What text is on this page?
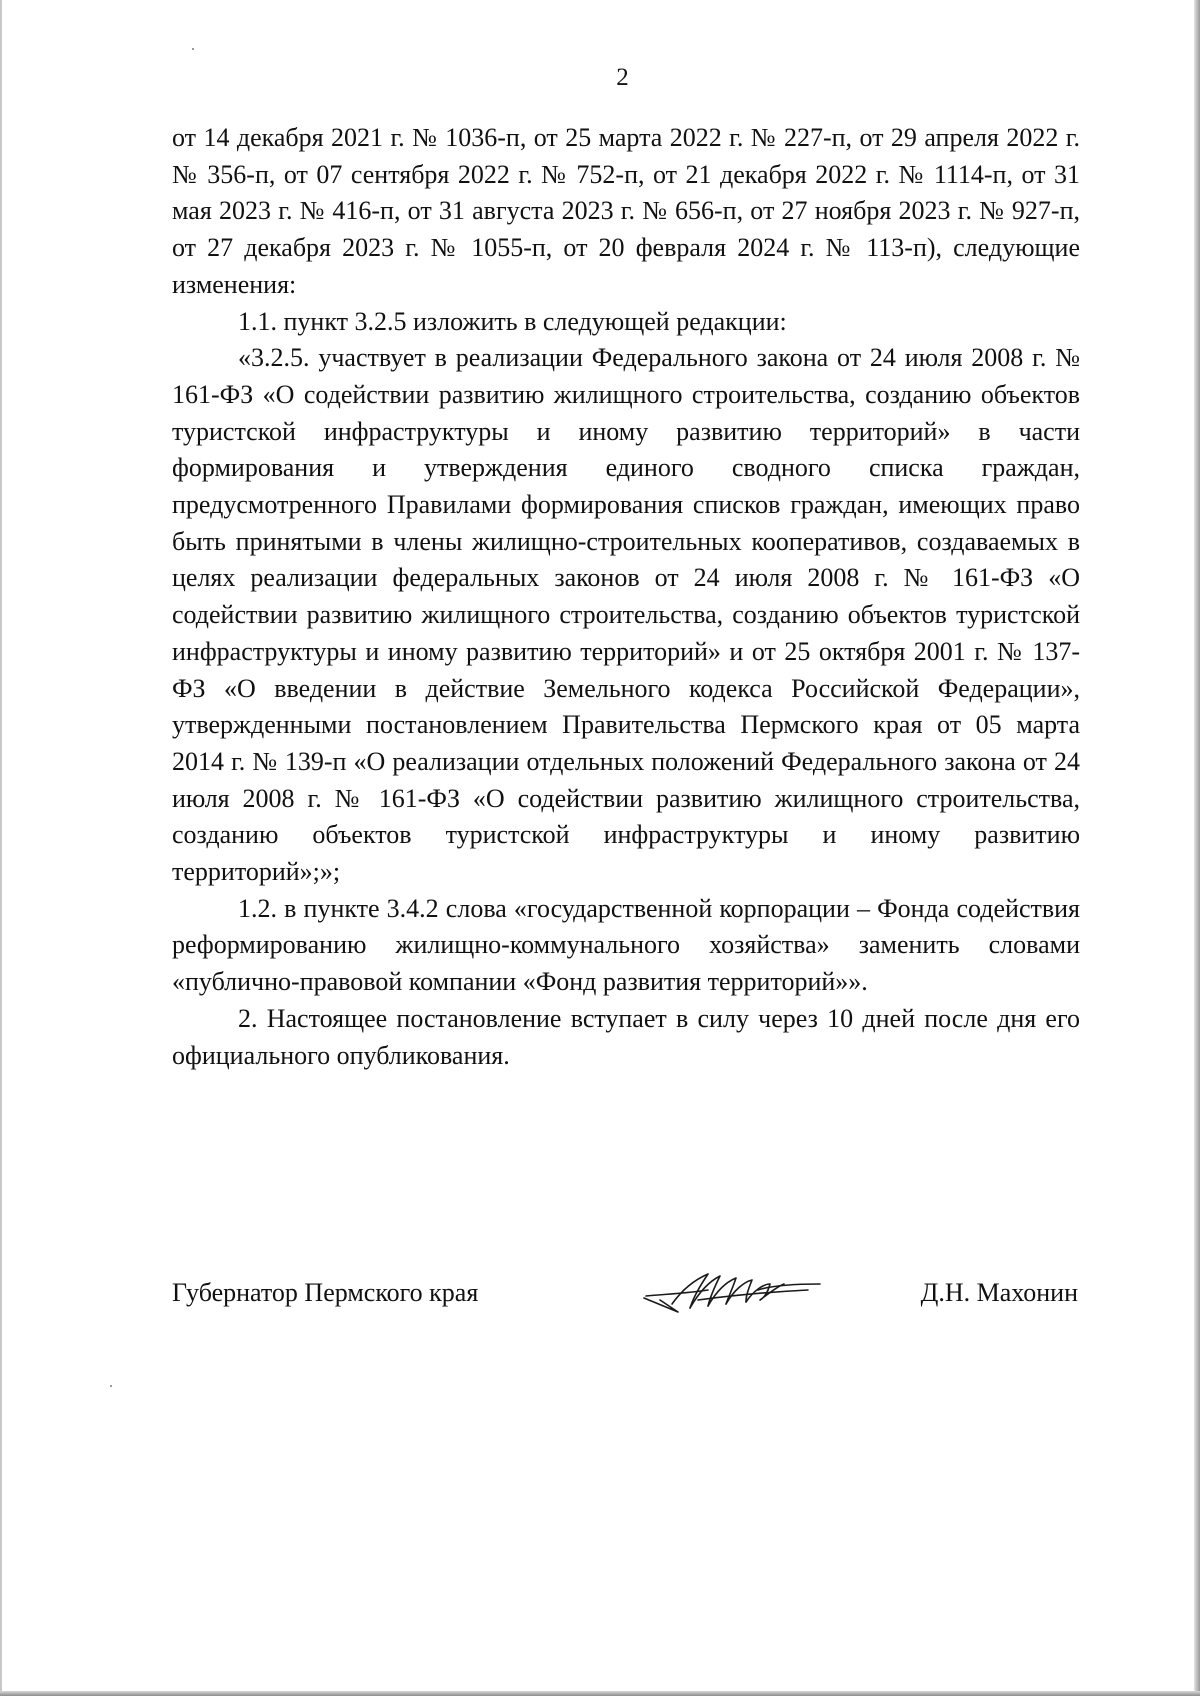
2

от 14 декабря 2021 г. № 1036-п, от 25 марта 2022 г. № 227-п, от 29 апреля 2022 г. № 356-п, от 07 сентября 2022 г. № 752-п, от 21 декабря 2022 г. № 1114-п, от 31 мая 2023 г. № 416-п, от 31 августа 2023 г. № 656-п, от 27 ноября 2023 г. № 927-п, от 27 декабря 2023 г. № 1055-п, от 20 февраля 2024 г. № 113-п), следующие изменения:

1.1. пункт 3.2.5 изложить в следующей редакции:

«3.2.5. участвует в реализации Федерального закона от 24 июля 2008 г. № 161-ФЗ «О содействии развитию жилищного строительства, созданию объектов туристской инфраструктуры и иному развитию территорий» в части формирования и утверждения единого сводного списка граждан, предусмотренного Правилами формирования списков граждан, имеющих право быть принятыми в члены жилищно-строительных кооперативов, создаваемых в целях реализации федеральных законов от 24 июля 2008 г. № 161-ФЗ «О содействии развитию жилищного строительства, созданию объектов туристской инфраструктуры и иному развитию территорий» и от 25 октября 2001 г. № 137-ФЗ «О введении в действие Земельного кодекса Российской Федерации», утвержденными постановлением Правительства Пермского края от 05 марта 2014 г. № 139-п «О реализации отдельных положений Федерального закона от 24 июля 2008 г. № 161-ФЗ «О содействии развитию жилищного строительства, созданию объектов туристской инфраструктуры и иному развитию территорий»;»;

1.2. в пункте 3.4.2 слова «государственной корпорации – Фонда содействия реформированию жилищно-коммунального хозяйства» заменить словами «публично-правовой компании «Фонд развития территорий»».

2. Настоящее постановление вступает в силу через 10 дней после дня его официального опубликования.

Губернатор Пермского края	Д.Н. Махонин
